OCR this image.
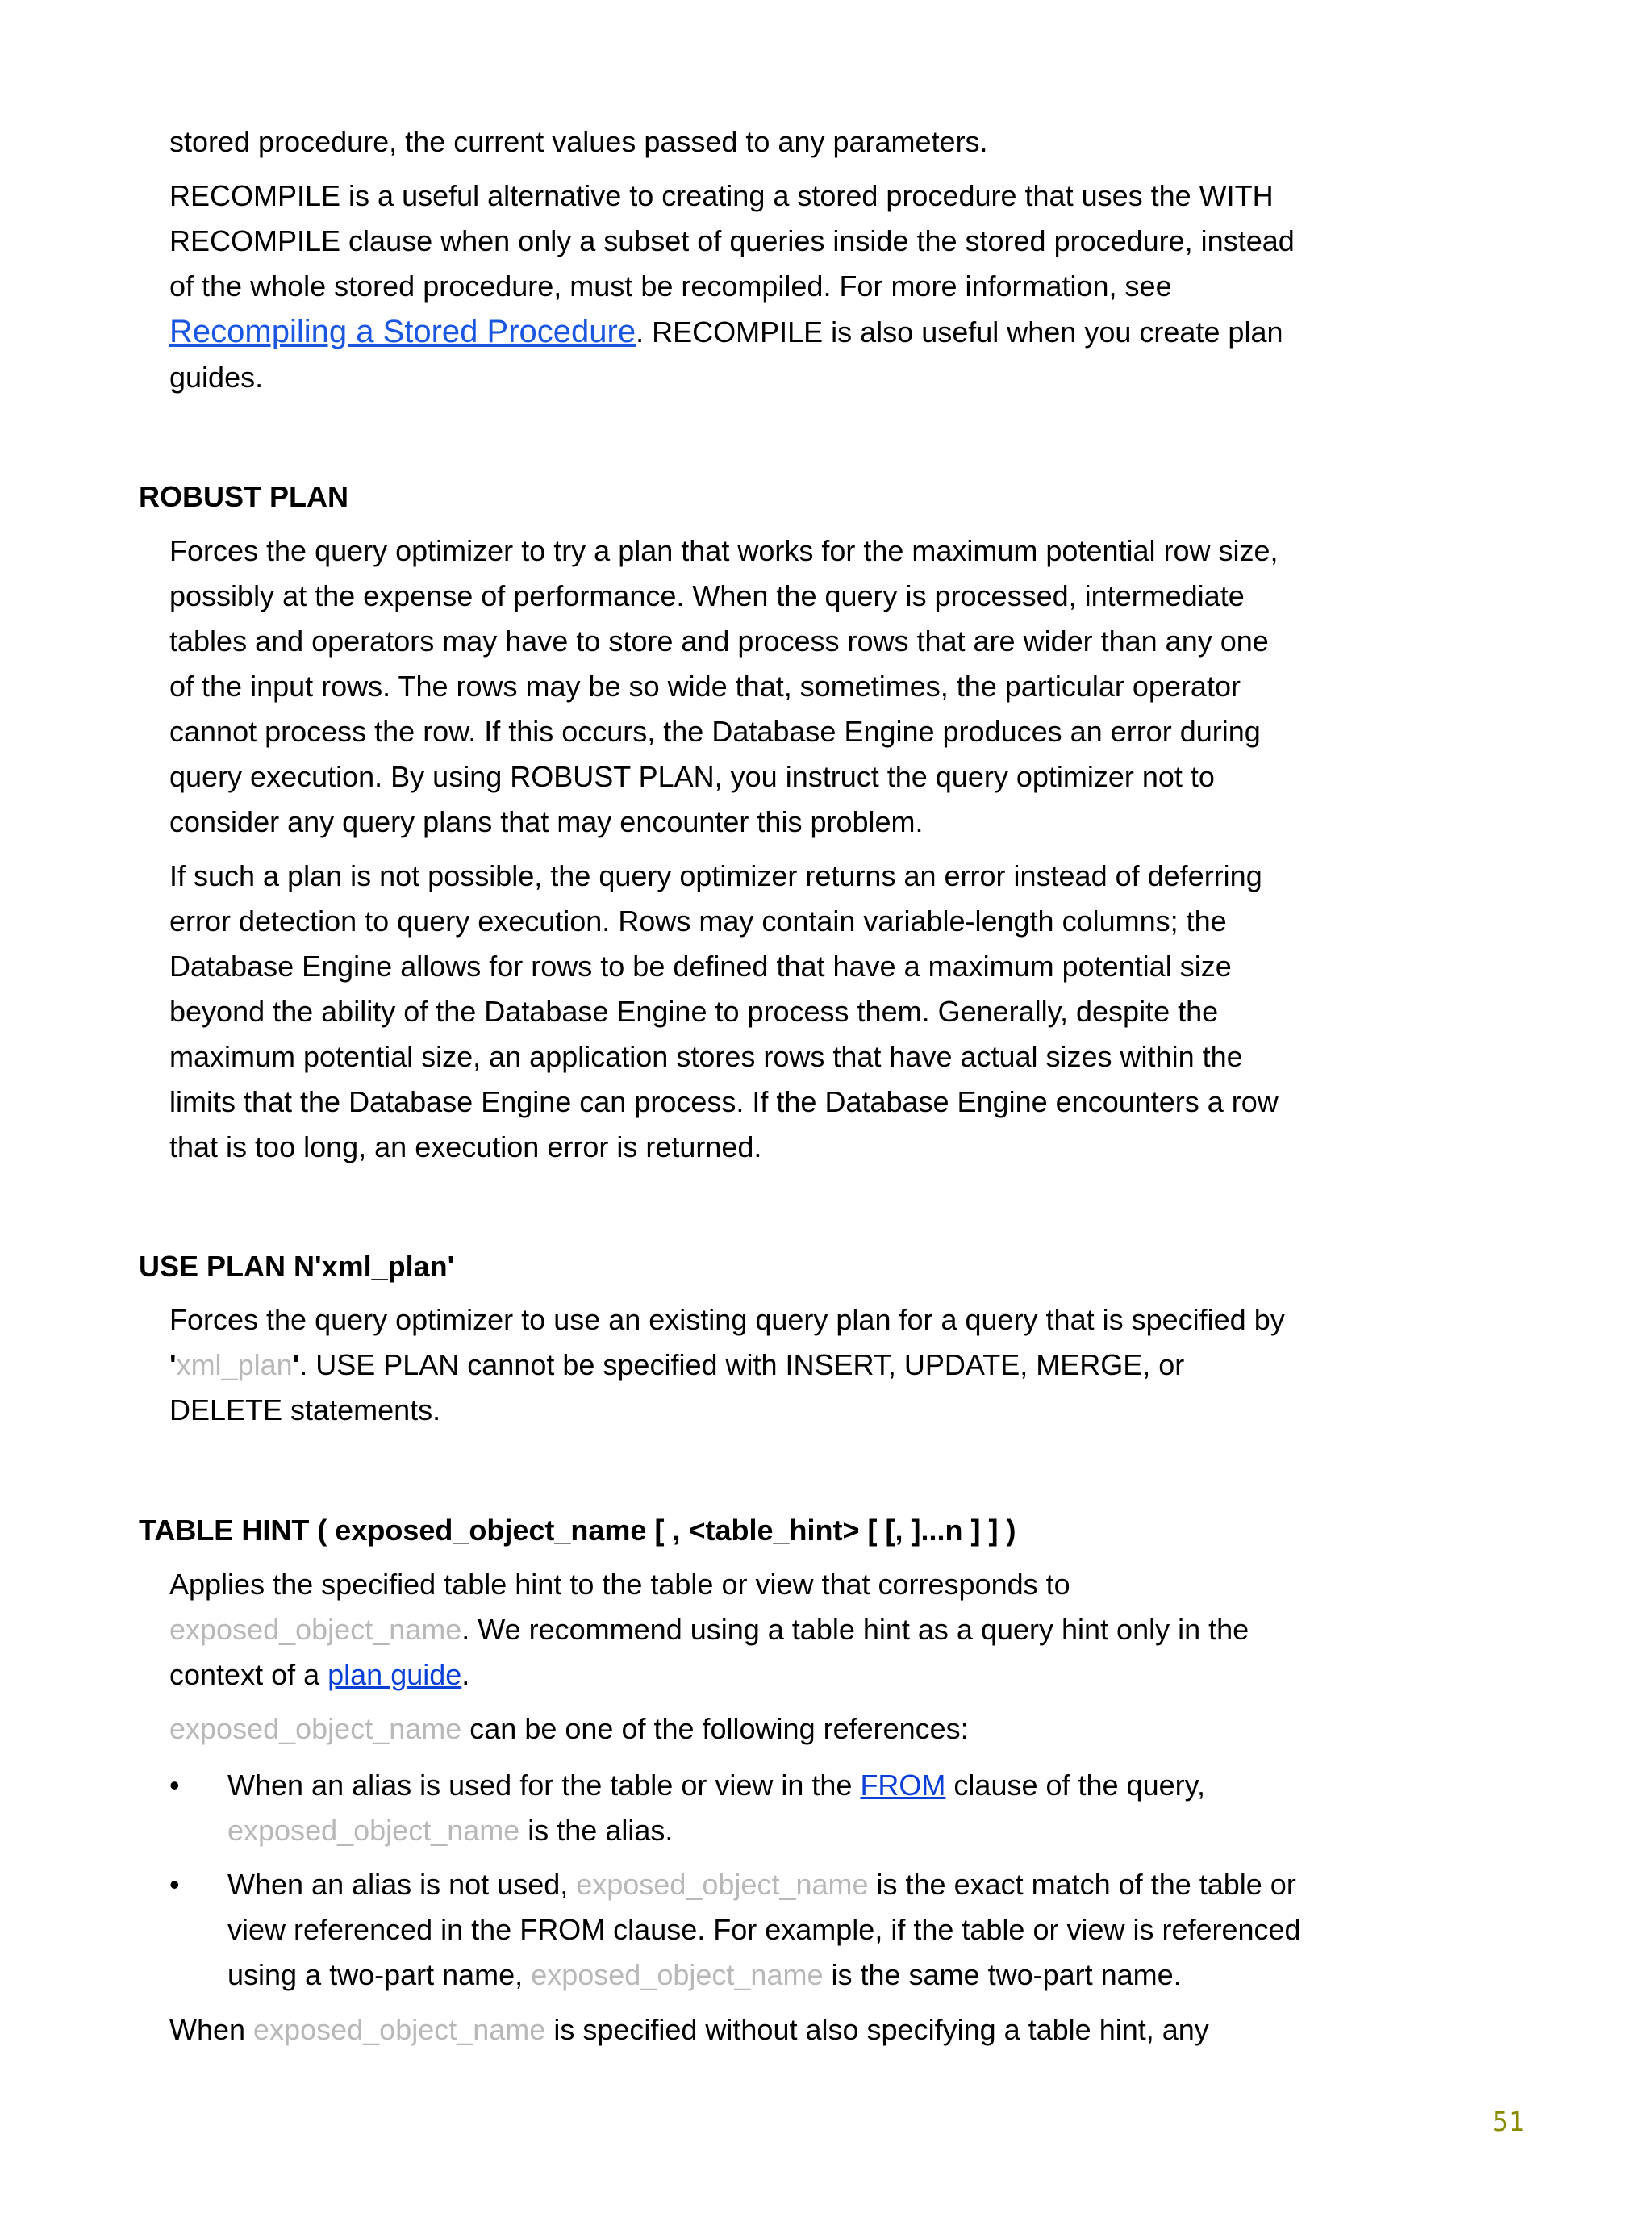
stored procedure, the current values passed to any parameters.
RECOMPILE is a useful alternative to creating a stored procedure that uses the WITH RECOMPILE clause when only a subset of queries inside the stored procedure, instead of the whole stored procedure, must be recompiled. For more information, see Recompiling a Stored Procedure. RECOMPILE is also useful when you create plan guides.
ROBUST PLAN
Forces the query optimizer to try a plan that works for the maximum potential row size, possibly at the expense of performance. When the query is processed, intermediate tables and operators may have to store and process rows that are wider than any one of the input rows. The rows may be so wide that, sometimes, the particular operator cannot process the row. If this occurs, the Database Engine produces an error during query execution. By using ROBUST PLAN, you instruct the query optimizer not to consider any query plans that may encounter this problem.
If such a plan is not possible, the query optimizer returns an error instead of deferring error detection to query execution. Rows may contain variable-length columns; the Database Engine allows for rows to be defined that have a maximum potential size beyond the ability of the Database Engine to process them. Generally, despite the maximum potential size, an application stores rows that have actual sizes within the limits that the Database Engine can process. If the Database Engine encounters a row that is too long, an execution error is returned.
USE PLAN N'xml_plan'
Forces the query optimizer to use an existing query plan for a query that is specified by 'xml_plan'. USE PLAN cannot be specified with INSERT, UPDATE, MERGE, or DELETE statements.
TABLE HINT ( exposed_object_name [ , <table_hint> [ [, ]...n ] ] )
Applies the specified table hint to the table or view that corresponds to exposed_object_name. We recommend using a table hint as a query hint only in the context of a plan guide.
exposed_object_name can be one of the following references:
• When an alias is used for the table or view in the FROM clause of the query, exposed_object_name is the alias.
• When an alias is not used, exposed_object_name is the exact match of the table or view referenced in the FROM clause. For example, if the table or view is referenced using a two-part name, exposed_object_name is the same two-part name.
When exposed_object_name is specified without also specifying a table hint, any
51
